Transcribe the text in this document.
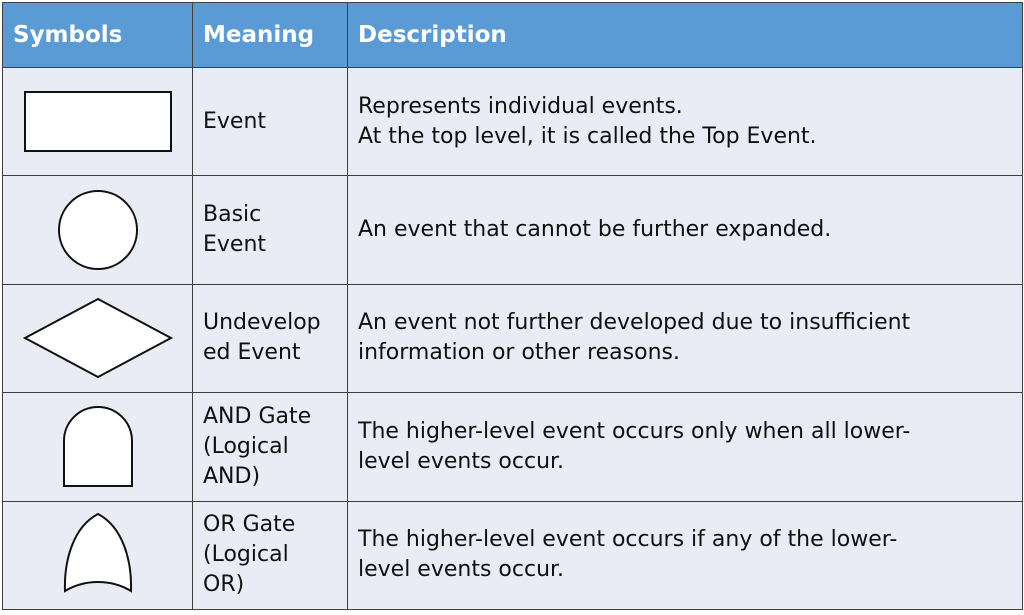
Symbols	Meaning	Description

	Event	Represents individual events.
At the top level, it is called the Top Event.

Basic
Event	An event that cannot be further expanded.

Undevelop
ed Event	An event not further developed due to insufficient
information or other reasons.

AND Gate
(Logical
AND)	The higher-level event occurs only when all lower-
level events occur.

OR Gate
(Logical
OR)	The higher-level event occurs if any of the lower-
level events occur.
